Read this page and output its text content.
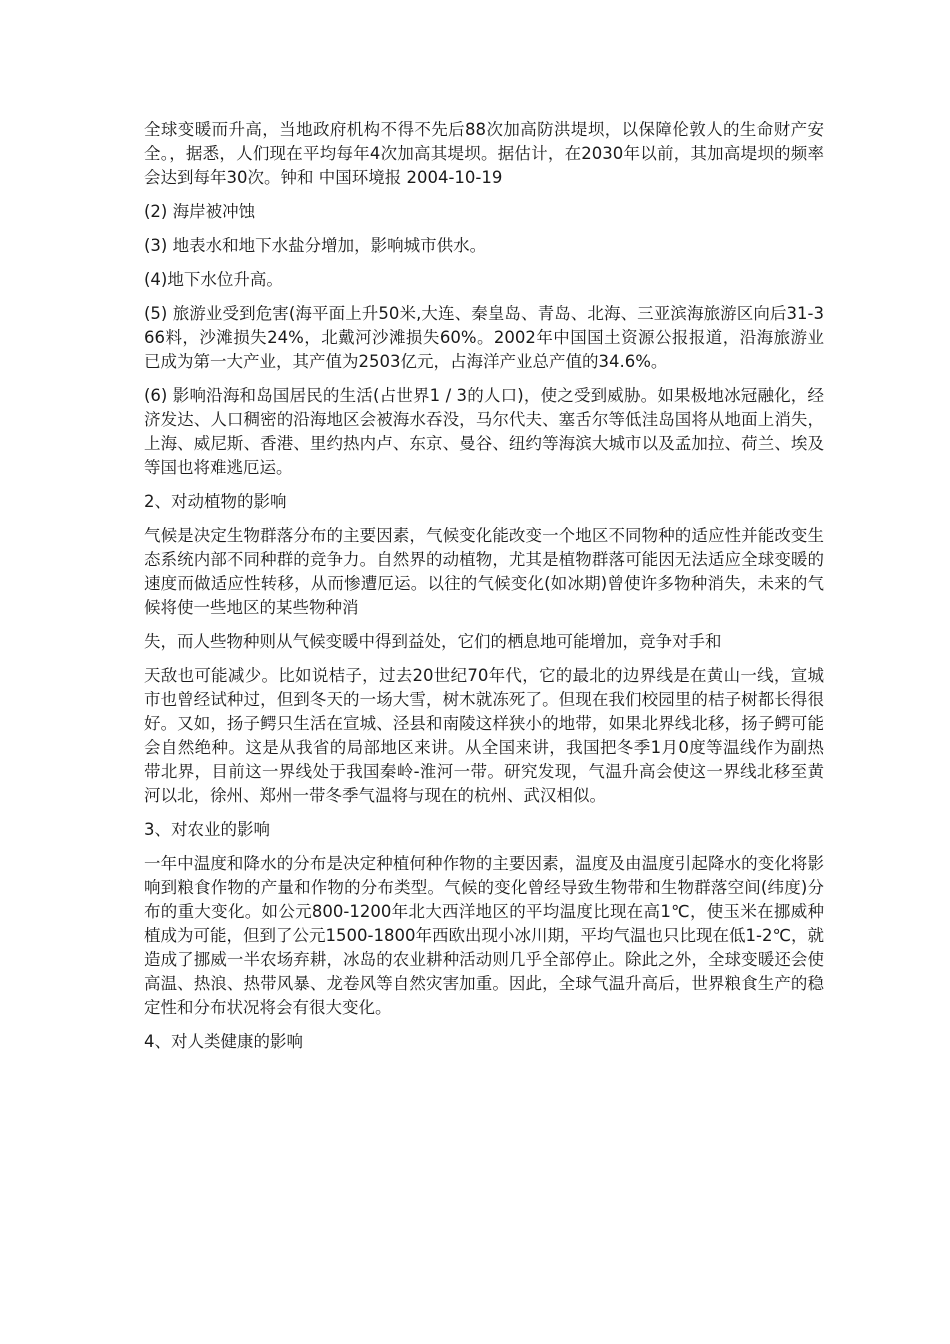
全球变暖而升高，当地政府机构不得不先后88次加高防洪堤坝，以保障伦敦人的生命财产安全。，据悉，人们现在平均每年4次加高其堤坝。据估计，在2030年以前，其加高堤坝的频率会达到每年30次。钟和 中国环境报 2004-10-19

(2) 海岸被冲蚀

(3) 地表水和地下水盐分增加，影响城市供水。

(4)地下水位升高。

(5) 旅游业受到危害(海平面上升50米,大连、秦皇岛、青岛、北海、三亚滨海旅游区向后31-366料，沙滩损失24%，北戴河沙滩损失60%。2002年中国国土资源公报报道，沿海旅游业已成为第一大产业，其产值为2503亿元，占海洋产业总产值的34.6%。

(6) 影响沿海和岛国居民的生活(占世界1 / 3的人口)，使之受到威胁。如果极地冰冠融化，经济发达、人口稠密的沿海地区会被海水吞没，马尔代夫、塞舌尔等低洼岛国将从地面上消失，上海、威尼斯、香港、里约热内卢、东京、曼谷、纽约等海滨大城市以及孟加拉、荷兰、埃及等国也将难逃厄运。

2、对动植物的影响

气候是决定生物群落分布的主要因素，气候变化能改变一个地区不同物种的适应性并能改变生态系统内部不同种群的竞争力。自然界的动植物，尤其是植物群落可能因无法适应全球变暖的速度而做适应性转移，从而惨遭厄运。以往的气候变化(如冰期)曾使许多物种消失，未来的气候将使一些地区的某些物种消

失，而人些物种则从气候变暖中得到益处，它们的栖息地可能增加，竞争对手和

天敌也可能减少。比如说桔子，过去20世纪70年代，它的最北的边界线是在黄山一线，宣城市也曾经试种过，但到冬天的一场大雪，树木就冻死了。但现在我们校园里的桔子树都长得很好。又如，扬子鳄只生活在宣城、泾县和南陵这样狭小的地带，如果北界线北移，扬子鳄可能会自然绝种。这是从我省的局部地区来讲。从全国来讲，我国把冬季1月0度等温线作为副热带北界，目前这一界线处于我国秦岭-淮河一带。研究发现，气温升高会使这一界线北移至黄河以北，徐州、郑州一带冬季气温将与现在的杭州、武汉相似。

3、对农业的影响

一年中温度和降水的分布是决定种植何种作物的主要因素，温度及由温度引起降水的变化将影响到粮食作物的产量和作物的分布类型。气候的变化曾经导致生物带和生物群落空间(纬度)分布的重大变化。如公元800-1200年北大西洋地区的平均温度比现在高1℃，使玉米在挪威种植成为可能，但到了公元1500-1800年西欧出现小冰川期，平均气温也只比现在低1-2℃，就造成了挪威一半农场弃耕，冰岛的农业耕种活动则几乎全部停止。除此之外，全球变暖还会使高温、热浪、热带风暴、龙卷风等自然灾害加重。因此，全球气温升高后，世界粮食生产的稳定性和分布状况将会有很大变化。

4、对人类健康的影响
